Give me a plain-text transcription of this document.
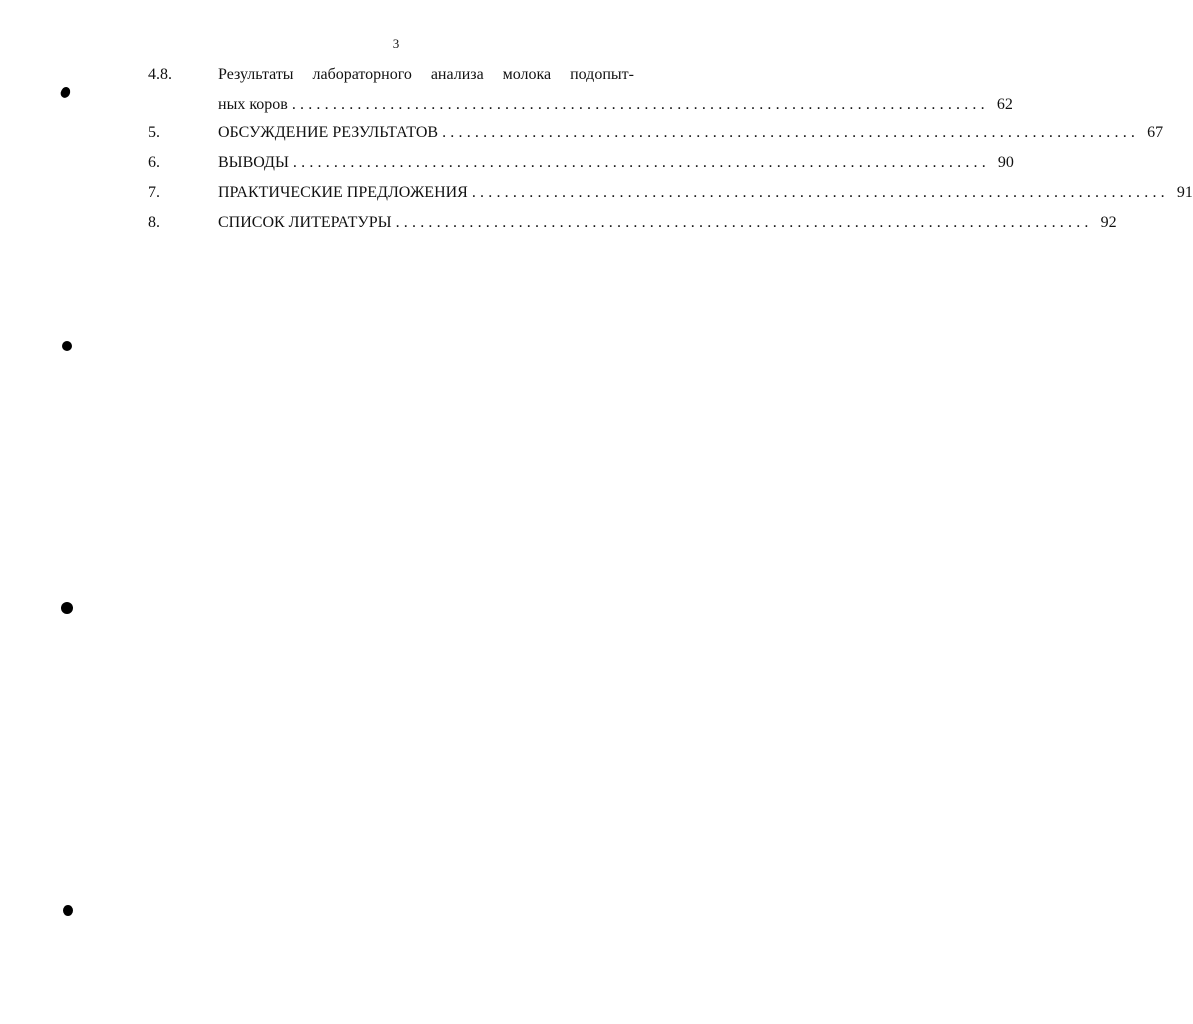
3
4.8.	Результаты лабораторного анализа молока подопыт-
ных коров ..................................................................................... 62
5.	ОБСУЖДЕНИЕ РЕЗУЛЬТАТОВ ..................................................................................... 67
6.	ВЫВОДЫ ..................................................................................... 90
7.	ПРАКТИЧЕСКИЕ ПРЕДЛОЖЕНИЯ ..................................................................................... 91
8.	СПИСОК ЛИТЕРАТУРЫ ..................................................................................... 92
